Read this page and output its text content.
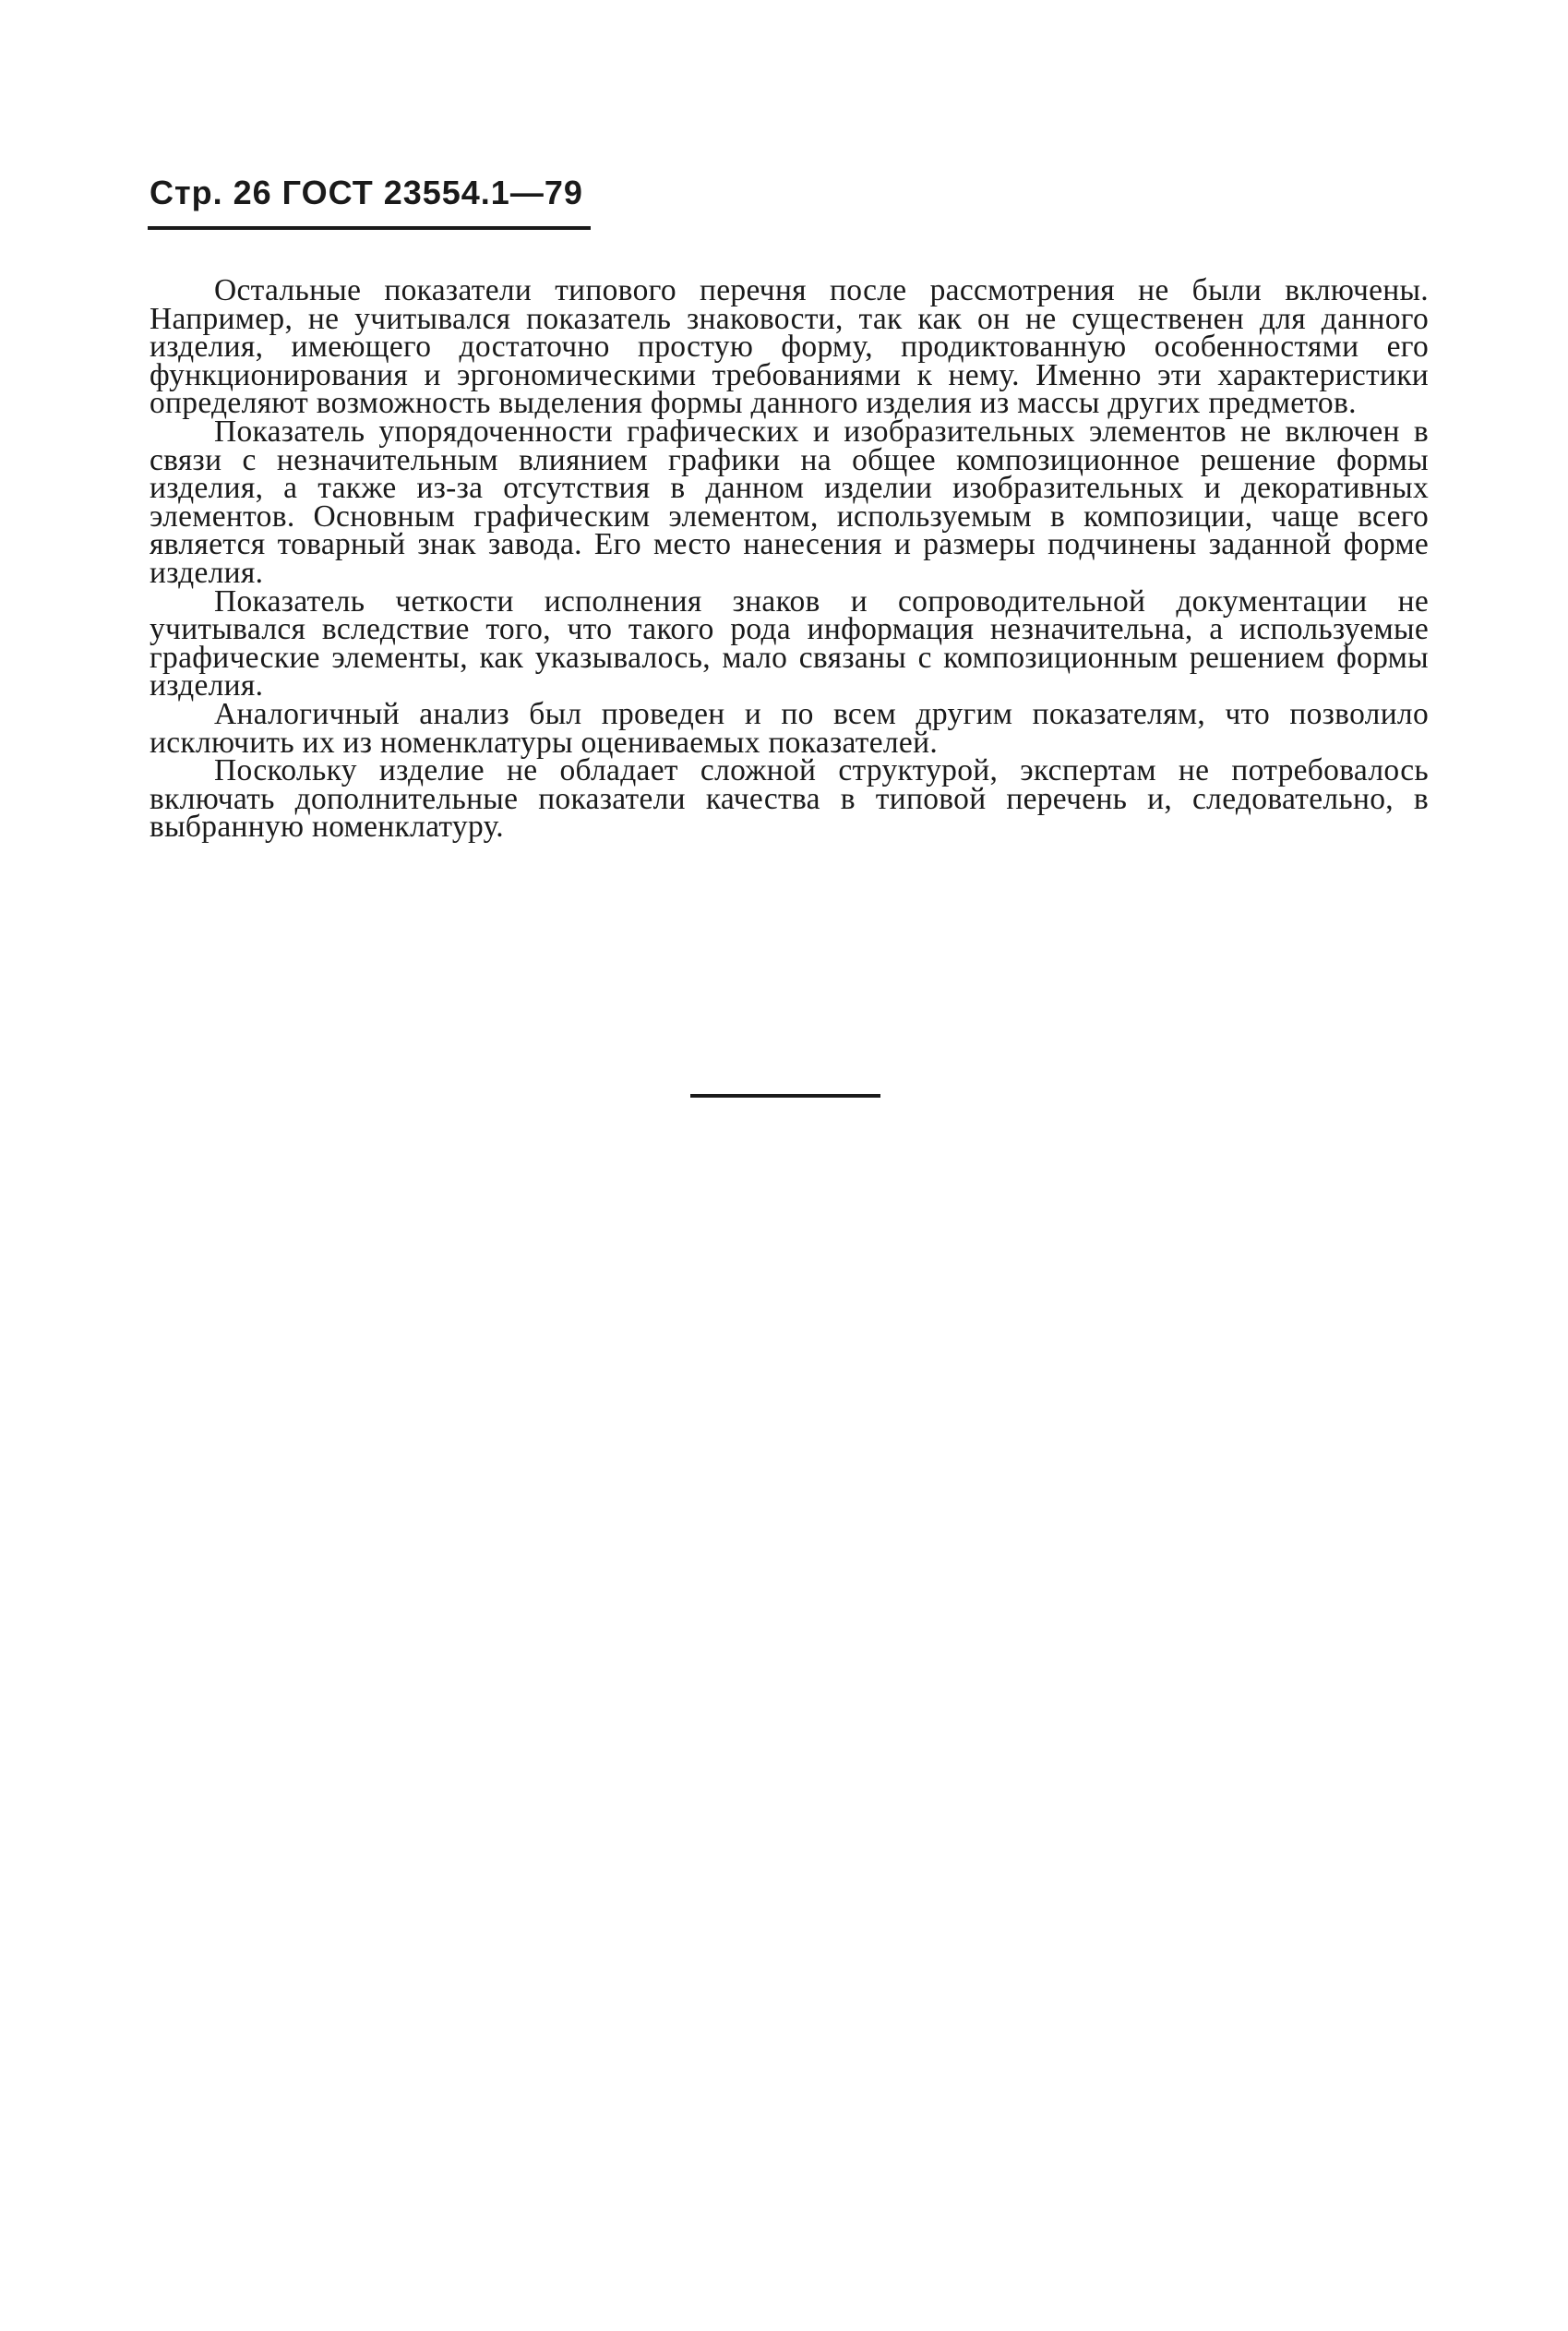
Стр. 26 ГОСТ 23554.1—79

Остальные показатели типового перечня после рассмотрения не были включены. Например, не учитывался показатель знаковости, так как он не существенен для данного изделия, имеющего достаточно простую форму, продиктованную особенностями его функционирования и эргономическими требованиями к нему. Именно эти характеристики определяют возможность выделения формы данного изделия из массы других предметов.

Показатель упорядоченности графических и изобразительных элементов не включен в связи с незначительным влиянием графики на общее композиционное решение формы изделия, а также из-за отсутствия в данном изделии изобразительных и декоративных элементов. Основным графическим элементом, используемым в композиции, чаще всего является товарный знак завода. Его место нанесения и размеры подчинены заданной форме изделия.

Показатель четкости исполнения знаков и сопроводительной документации не учитывался вследствие того, что такого рода информация незначительна, а используемые графические элементы, как указывалось, мало связаны с композиционным решением формы изделия.

Аналогичный анализ был проведен и по всем другим показателям, что позволило исключить их из номенклатуры оцениваемых показателей.

Поскольку изделие не обладает сложной структурой, экспертам не потребовалось включать дополнительные показатели качества в типовой перечень и, следовательно, в выбранную номенклатуру.
